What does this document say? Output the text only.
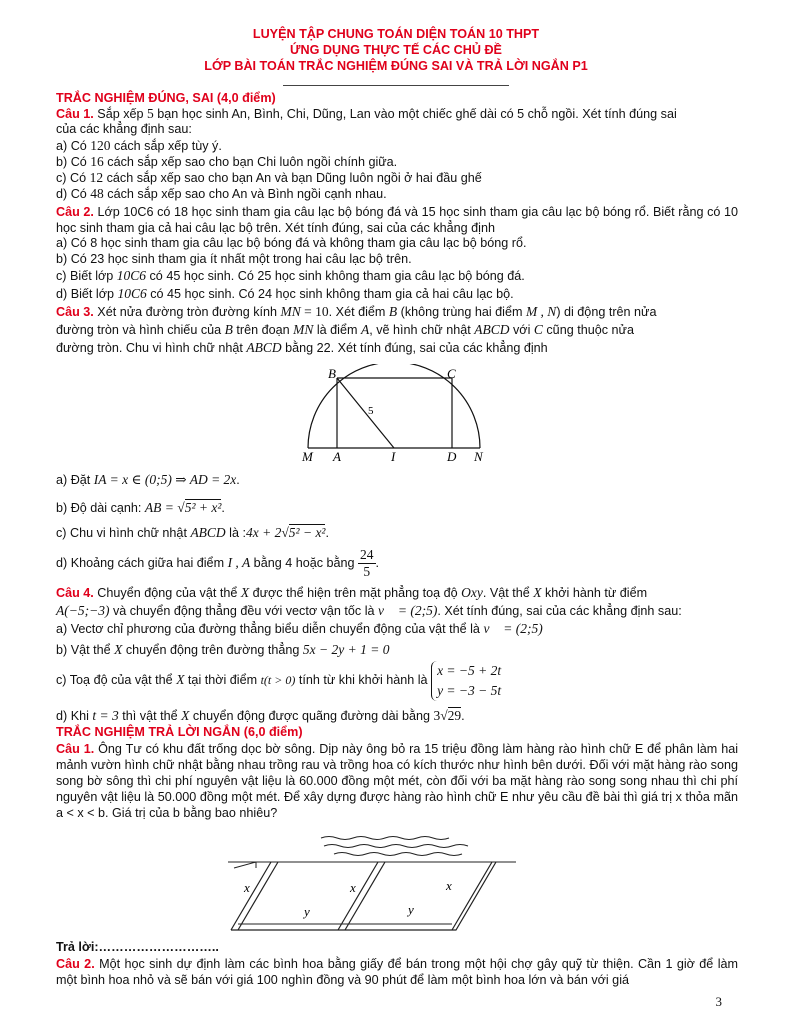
LUYỆN TẬP CHUNG TOÁN DIỆN TOÁN 10 THPT
ỨNG DỤNG THỰC TẾ CÁC CHỦ ĐỀ
LỚP BÀI TOÁN TRẮC NGHIỆM ĐÚNG SAI VÀ TRẢ LỜI NGẮN P1
TRẮC NGHIỆM ĐÚNG, SAI (4,0 điểm)
Câu 1. Sắp xếp 5 bạn học sinh An, Bình, Chi, Dũng, Lan vào một chiếc ghế dài có 5 chỗ ngồi. Xét tính đúng sai
của các khẳng định sau:
a) Có 120 cách sắp xếp tùy ý.
b) Có 16 cách sắp xếp sao cho bạn Chi luôn ngồi chính giữa.
c) Có 12 cách sắp xếp sao cho bạn An và bạn Dũng luôn ngồi ở hai đầu ghế
d) Có 48 cách sắp xếp sao cho An và Bình ngồi cạnh nhau.
Câu 2. Lớp 10C6 có 18 học sinh tham gia câu lạc bộ bóng đá và 15 học sinh tham gia câu lạc bộ bóng rổ. Biết rằng có 10 học sinh tham gia cả hai câu lạc bộ trên. Xét tính đúng, sai của các khẳng định
a) Có 8 học sinh tham gia câu lạc bộ bóng đá và không tham gia câu lạc bộ bóng rổ.
b) Có 23 học sinh tham gia ít nhất một trong hai câu lạc bộ trên.
c) Biết lớp 10C6 có 45 học sinh. Có 25 học sinh không tham gia câu lạc bộ bóng đá.
d) Biết lớp 10C6 có 45 học sinh. Có 24 học sinh không tham gia cả hai câu lạc bộ.
Câu 3. Xét nửa đường tròn đường kính MN = 10. Xét điểm B (không trùng hai điểm M , N) di động trên nửa
đường tròn và hình chiếu của B trên đoạn MN là điểm A, vẽ hình chữ nhật ABCD với C cũng thuộc nửa
đường tròn. Chu vi hình chữ nhật ABCD bằng 22. Xét tính đúng, sai của các khẳng định
B	C
5
M A	I	D N
a) Đặt IA = x ∈ (0;5) ⇒ AD = 2x.
b) Độ dài cạnh: AB = √5² + x².
c) Chu vi hình chữ nhật ABCD là :4x + 2√5² − x².
d) Khoảng cách giữa hai điểm I , A bằng 4 hoặc bằng $\frac{24}{5}$ .
Câu 4. Chuyển động của vật thể X được thể hiện trên mặt phẳng toạ độ Oxy. Vật thể X khởi hành từ điểm
A(−5;−3) và chuyển động thẳng đều với vectơ vận tốc là v⃗ = (2;5). Xét tính đúng, sai của các khẳng định sau:
a) Vectơ chỉ phương của đường thẳng biểu diễn chuyển động của vật thể là v⃗ = (2;5)
b) Vật thể X chuyển động trên đường thẳng 5x − 2y + 1 = 0
c) Toạ độ của vật thể X tại thời điểm t(t > 0) tính từ khi khởi hành là
x = −5 + 2t
y = −3 − 5t
d) Khi t = 3 thì vật thể X chuyển động được quãng đường dài bằng 3√29.
TRẮC NGHIỆM TRẢ LỜI NGẮN (6,0 điểm)
Câu 1. Ông Tư có khu đất trống dọc bờ sông. Dịp này ông bỏ ra 15 triệu đồng làm hàng rào hình chữ E để phân làm hai mảnh vườn hình chữ nhật bằng nhau trồng rau và trồng hoa có kích thước như hình bên dưới. Đối với mặt hàng rào song song bờ sông thì chi phí nguyên vật liệu là 60.000 đồng một mét, còn đối với ba mặt hàng rào song song nhau thì chi phí nguyên vật liệu là 50.000 đồng một mét. Để xây dựng được hàng rào hình chữ E như yêu cầu đề bài thì giá trị x thỏa mãn a < x < b. Giá trị của b bằng bao nhiêu?
x	x	x
y	y
Trả lời:………………………..
Câu 2. Một học sinh dự định làm các bình hoa bằng giấy để bán trong một hội chợ gây quỹ từ thiện. Cần 1 giờ để làm một bình hoa nhỏ và sẽ bán với giá 100 nghìn đồng và 90 phút để làm một bình hoa lớn và bán với giá
3
